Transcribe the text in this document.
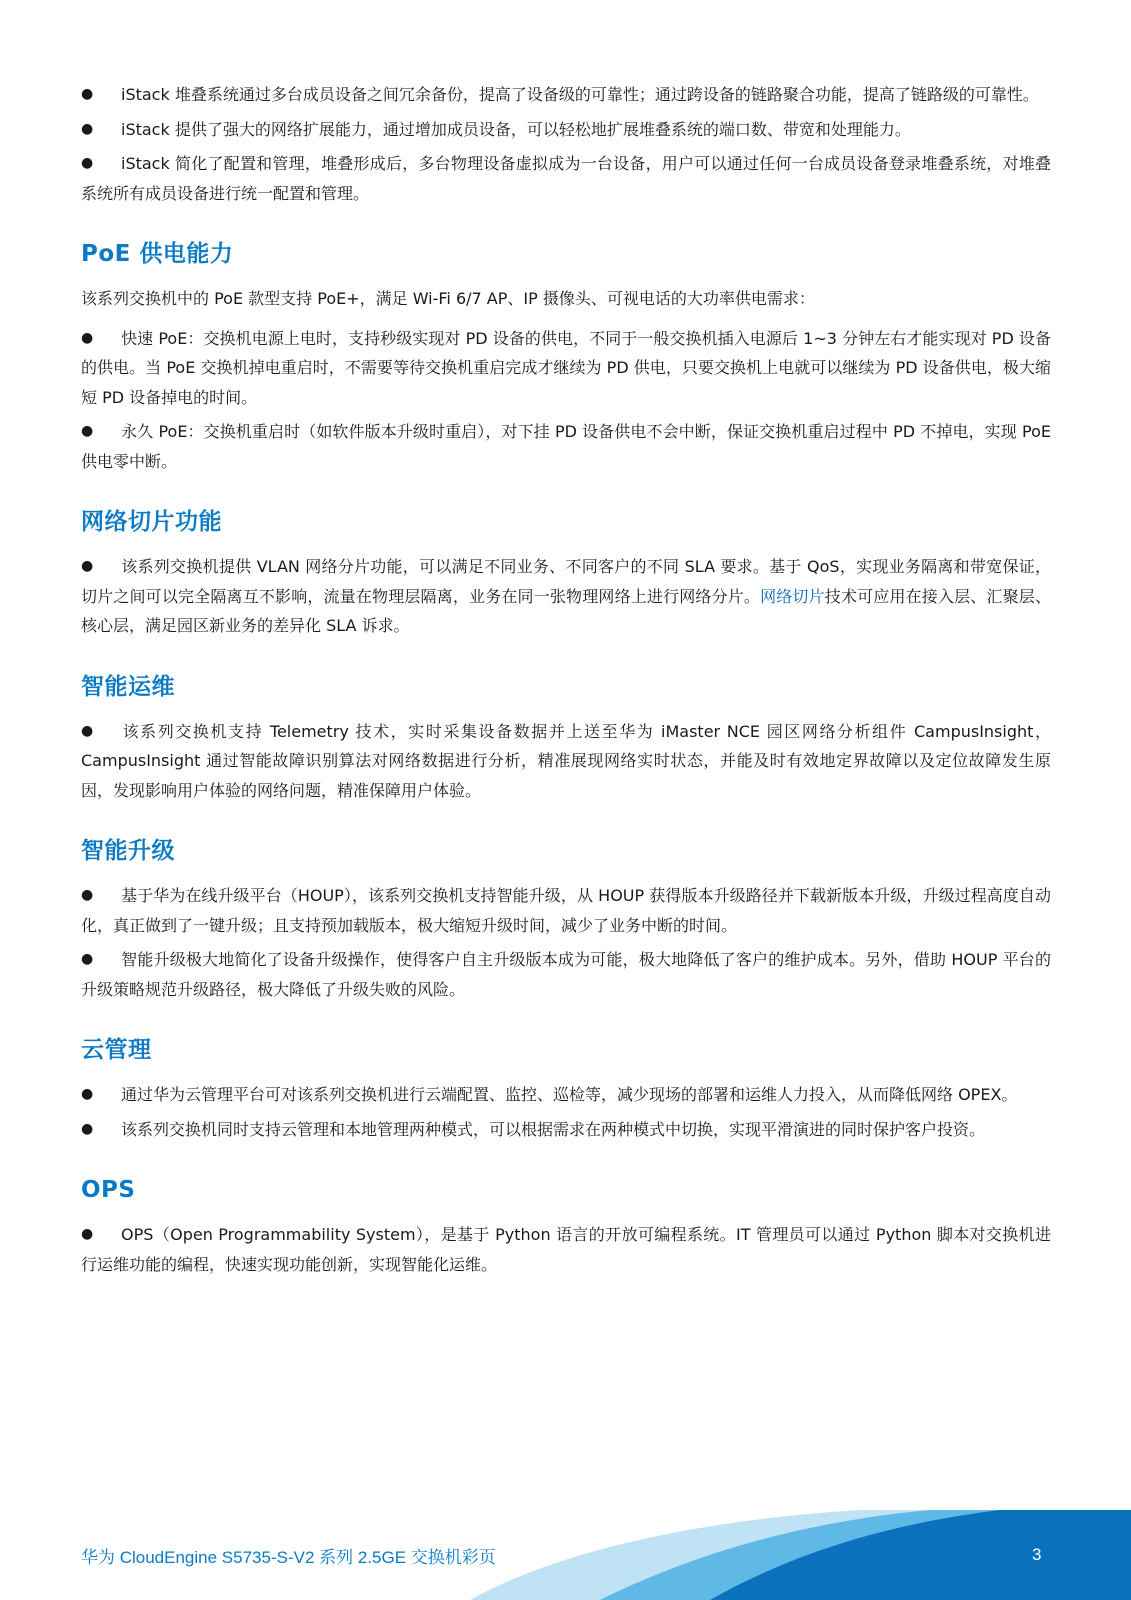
● iStack 堆叠系统通过多台成员设备之间冗余备份，提高了设备级的可靠性；通过跨设备的链路聚合功能，提高了链路级的可靠性。

● iStack 提供了强大的网络扩展能力，通过增加成员设备，可以轻松地扩展堆叠系统的端口数、带宽和处理能力。

● iStack 简化了配置和管理，堆叠形成后，多台物理设备虚拟成为一台设备，用户可以通过任何一台成员设备登录堆叠系统，对堆叠系统所有成员设备进行统一配置和管理。

PoE 供电能力

该系列交换机中的 PoE 款型支持 PoE+，满足 Wi-Fi 6/7 AP、IP 摄像头、可视电话的大功率供电需求：

● 快速 PoE：交换机电源上电时，支持秒级实现对 PD 设备的供电，不同于一般交换机插入电源后 1~3 分钟左右才能实现对 PD 设备的供电。当 PoE 交换机掉电重启时，不需要等待交换机重启完成才继续为 PD 供电，只要交换机上电就可以继续为 PD 设备供电，极大缩短 PD 设备掉电的时间。

● 永久 PoE：交换机重启时（如软件版本升级时重启），对下挂 PD 设备供电不会中断，保证交换机重启过程中 PD 不掉电，实现 PoE 供电零中断。

网络切片功能

● 该系列交换机提供 VLAN 网络分片功能，可以满足不同业务、不同客户的不同 SLA 要求。基于 QoS，实现业务隔离和带宽保证，切片之间可以完全隔离互不影响，流量在物理层隔离，业务在同一张物理网络上进行网络分片。网络切片技术可应用在接入层、汇聚层、核心层，满足园区新业务的差异化 SLA 诉求。

智能运维

● 该系列交换机支持 Telemetry 技术，实时采集设备数据并上送至华为 iMaster NCE 园区网络分析组件 CampusInsight，CampusInsight 通过智能故障识别算法对网络数据进行分析，精准展现网络实时状态，并能及时有效地定界故障以及定位故障发生原因，发现影响用户体验的网络问题，精准保障用户体验。

智能升级

● 基于华为在线升级平台（HOUP），该系列交换机支持智能升级，从 HOUP 获得版本升级路径并下载新版本升级，升级过程高度自动化，真正做到了一键升级；且支持预加载版本，极大缩短升级时间，减少了业务中断的时间。

● 智能升级极大地简化了设备升级操作，使得客户自主升级版本成为可能，极大地降低了客户的维护成本。另外，借助 HOUP 平台的升级策略规范升级路径，极大降低了升级失败的风险。

云管理

● 通过华为云管理平台可对该系列交换机进行云端配置、监控、巡检等，减少现场的部署和运维人力投入，从而降低网络 OPEX。

● 该系列交换机同时支持云管理和本地管理两种模式，可以根据需求在两种模式中切换，实现平滑演进的同时保护客户投资。

OPS

● OPS（Open Programmability System），是基于 Python 语言的开放可编程系统。IT 管理员可以通过 Python 脚本对交换机进行运维功能的编程，快速实现功能创新，实现智能化运维。

华为 CloudEngine S5735-S-V2 系列 2.5GE 交换机彩页	3
